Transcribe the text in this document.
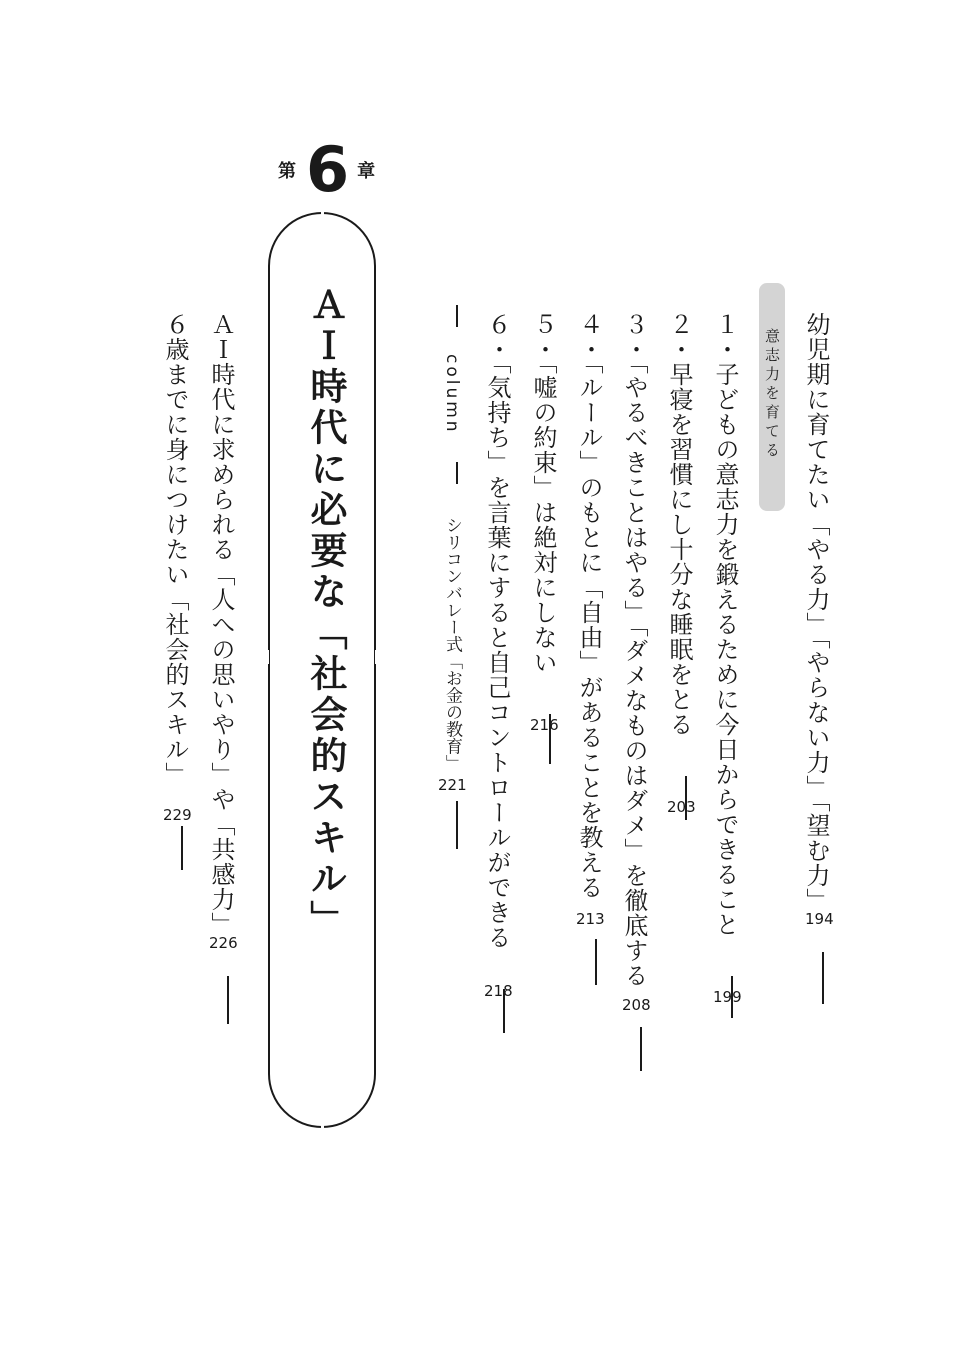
第 6 章
ＡＩ時代に必要な「社会的スキル」	意志力を育てる 幼児期に育てたい「やる力」「やらない力」「望む力」
194
１・子どもの意志力を鍛えるために今日からできること
199
２・早寝を習慣にし十分な睡眠をとる
203
３・「やるべきことはやる」「ダメなものはダメ」を徹底する
208
４・「ルール」のもとに「自由」があることを教える
213
５・「嘘の約束」は絶対にしない
216
６・「気持ち」を言葉にすると自己コントロールができる
218
column  シリコンバレー式「お金の教育」
221
ＡＩ時代に求められる「人への思いやり」や「共感力」
226
６歳までに身につけたい「社会的スキル」
229
